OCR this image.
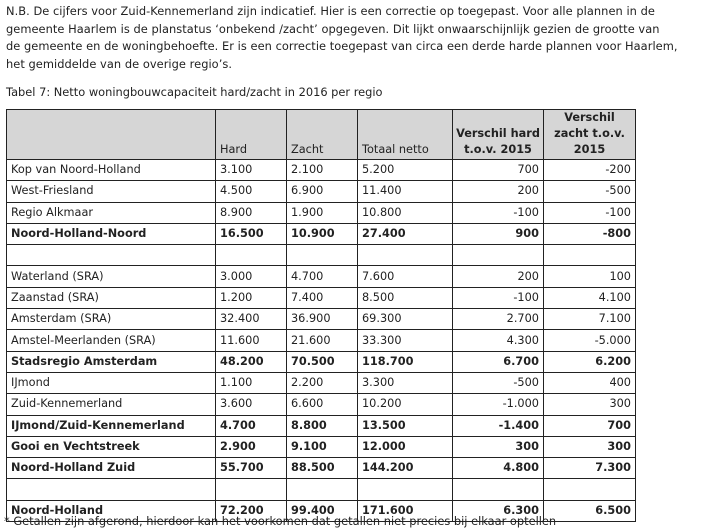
N.B. De cijfers voor Zuid-Kennemerland zijn indicatief. Hier is een correctie op toegepast. Voor alle plannen in de
gemeente Haarlem is de planstatus ‘onbekend /zacht’ opgegeven. Dit lijkt onwaarschijnlijk gezien de grootte van
de gemeente en de woningbehoefte. Er is een correctie toegepast van circa een derde harde plannen voor Haarlem,
het gemiddelde van de overige regio’s.
Tabel 7: Netto woningbouwcapaciteit hard/zacht in 2016 per regio
	Hard	Zacht	Totaal netto	Verschil hard t.o.v. 2015	Verschil zacht t.o.v. 2015
Kop van Noord-Holland	3.100	2.100	5.200	700	-200
West-Friesland	4.500	6.900	11.400	200	-500
Regio Alkmaar	8.900	1.900	10.800	-100	-100
Noord-Holland-Noord	16.500	10.900	27.400	900	-800

Waterland (SRA)	3.000	4.700	7.600	200	100
Zaanstad (SRA)	1.200	7.400	8.500	-100	4.100
Amsterdam (SRA)	32.400	36.900	69.300	2.700	7.100
Amstel-Meerlanden (SRA)	11.600	21.600	33.300	4.300	-5.000
Stadsregio Amsterdam	48.200	70.500	118.700	6.700	6.200
IJmond	1.100	2.200	3.300	-500	400
Zuid-Kennemerland	3.600	6.600	10.200	-1.000	300
IJmond/Zuid-Kennemerland	4.700	8.800	13.500	-1.400	700
Gooi en Vechtstreek	2.900	9.100	12.000	300	300
Noord-Holland Zuid	55.700	88.500	144.200	4.800	7.300

Noord-Holland	72.200	99.400	171.600	6.300	6.500
* Getallen zijn afgerond, hierdoor kan het voorkomen dat getallen niet precies bij elkaar optellen
